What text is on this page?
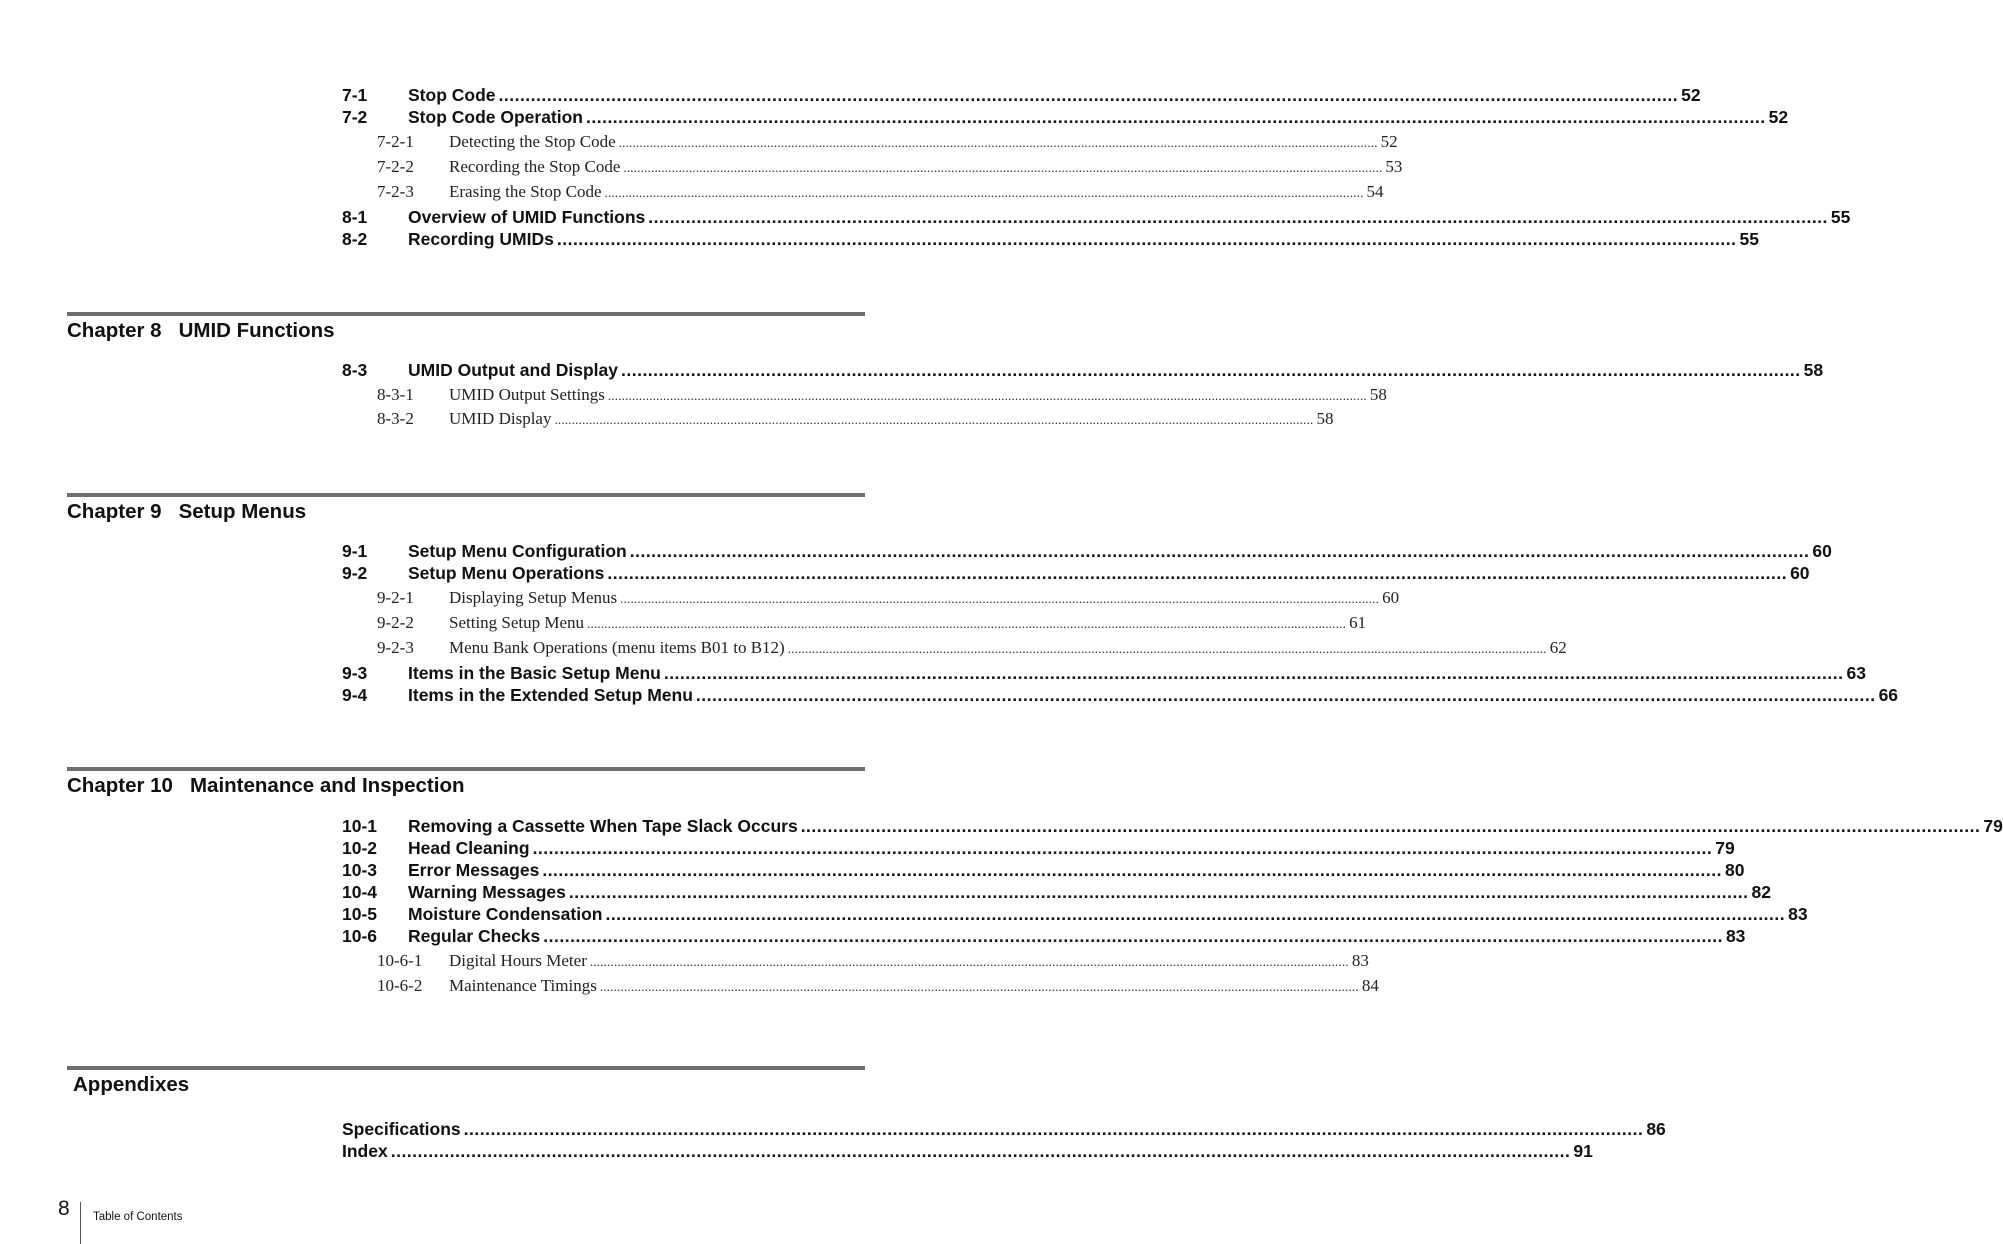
7-1	Stop Code ............................................................................................................................................................................................................................ 52
7-2	Stop Code Operation ............................................................................................................................................................................................................................ 52
7-2-1	Detecting the Stop Code ............................................................................................................................................................................................................................ 52
7-2-2	Recording the Stop Code ............................................................................................................................................................................................................................ 53
7-2-3	Erasing the Stop Code ............................................................................................................................................................................................................................ 54
8-1	Overview of UMID Functions ............................................................................................................................................................................................................................ 55
8-2	Recording UMIDs ............................................................................................................................................................................................................................ 55
Chapter 8 UMID Functions
8-3	UMID Output and Display ............................................................................................................................................................................................................................ 58
8-3-1	UMID Output Settings ............................................................................................................................................................................................................................ 58
8-3-2	UMID Display ............................................................................................................................................................................................................................ 58
Chapter 9 Setup Menus
9-1	Setup Menu Configuration ............................................................................................................................................................................................................................ 60
9-2	Setup Menu Operations ............................................................................................................................................................................................................................ 60
9-2-1	Displaying Setup Menus ............................................................................................................................................................................................................................ 60
9-2-2	Setting Setup Menu ............................................................................................................................................................................................................................ 61
9-2-3	Menu Bank Operations (menu items B01 to B12) ............................................................................................................................................................................................................................ 62
9-3	Items in the Basic Setup Menu ............................................................................................................................................................................................................................ 63
9-4	Items in the Extended Setup Menu ............................................................................................................................................................................................................................ 66
Chapter 10 Maintenance and Inspection
10-1	Removing a Cassette When Tape Slack Occurs ............................................................................................................................................................................................................................ 79
10-2	Head Cleaning ............................................................................................................................................................................................................................ 79
10-3	Error Messages ............................................................................................................................................................................................................................ 80
10-4	Warning Messages ............................................................................................................................................................................................................................ 82
10-5	Moisture Condensation ............................................................................................................................................................................................................................ 83
10-6	Regular Checks ............................................................................................................................................................................................................................ 83
10-6-1	Digital Hours Meter ............................................................................................................................................................................................................................ 83
10-6-2	Maintenance Timings ............................................................................................................................................................................................................................ 84
Appendixes
Specifications ............................................................................................................................................................................................................................ 86
Index ............................................................................................................................................................................................................................ 91
8 Table of Contents
